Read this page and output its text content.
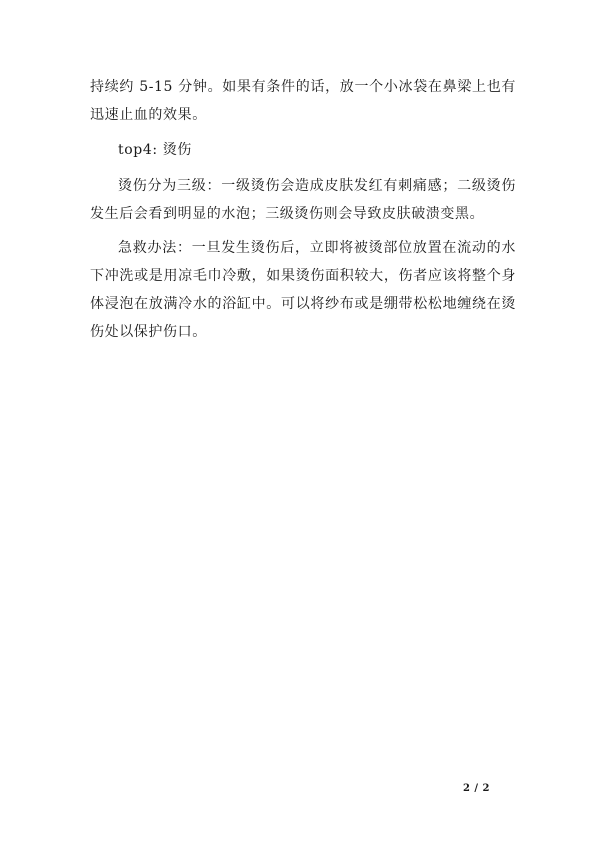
持续约 5-15 分钟。如果有条件的话，放一个小冰袋在鼻梁上也有迅速止血的效果。

top4: 烫伤

烫伤分为三级：一级烫伤会造成皮肤发红有刺痛感；二级烫伤发生后会看到明显的水泡；三级烫伤则会导致皮肤破溃变黑。

急救办法：一旦发生烫伤后，立即将被烫部位放置在流动的水下冲洗或是用凉毛巾冷敷，如果烫伤面积较大，伤者应该将整个身体浸泡在放满冷水的浴缸中。可以将纱布或是绷带松松地缠绕在烫伤处以保护伤口。

2 / 2
